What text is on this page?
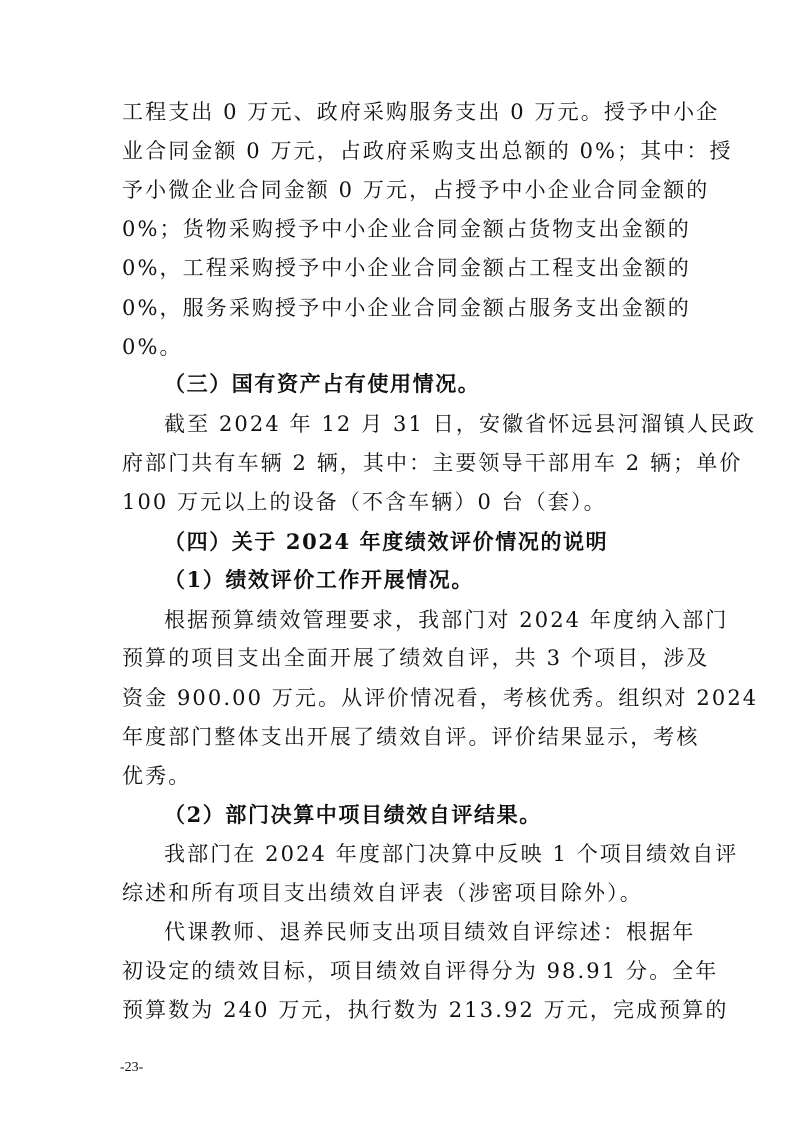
工程支出 0 万元、政府采购服务支出 0 万元。授予中小企
业合同金额 0 万元，占政府采购支出总额的 0%；其中：授
予小微企业合同金额 0 万元，占授予中小企业合同金额的
0%；货物采购授予中小企业合同金额占货物支出金额的
0%，工程采购授予中小企业合同金额占工程支出金额的
0%，服务采购授予中小企业合同金额占服务支出金额的
0%。
（三）国有资产占有使用情况。
截至 2024 年 12 月 31 日，安徽省怀远县河溜镇人民政
府部门共有车辆 2 辆，其中：主要领导干部用车 2 辆；单价
100 万元以上的设备（不含车辆）0 台（套）。
（四）关于 2024 年度绩效评价情况的说明
（1）绩效评价工作开展情况。
根据预算绩效管理要求，我部门对 2024 年度纳入部门
预算的项目支出全面开展了绩效自评，共 3 个项目，涉及
资金 900.00 万元。从评价情况看，考核优秀。组织对 2024
年度部门整体支出开展了绩效自评。评价结果显示，考核
优秀。
（2）部门决算中项目绩效自评结果。
我部门在 2024 年度部门决算中反映 1 个项目绩效自评
综述和所有项目支出绩效自评表（涉密项目除外）。
代课教师、退养民师支出项目绩效自评综述：根据年
初设定的绩效目标，项目绩效自评得分为 98.91 分。全年
预算数为 240 万元，执行数为 213.92 万元，完成预算的
-23-
